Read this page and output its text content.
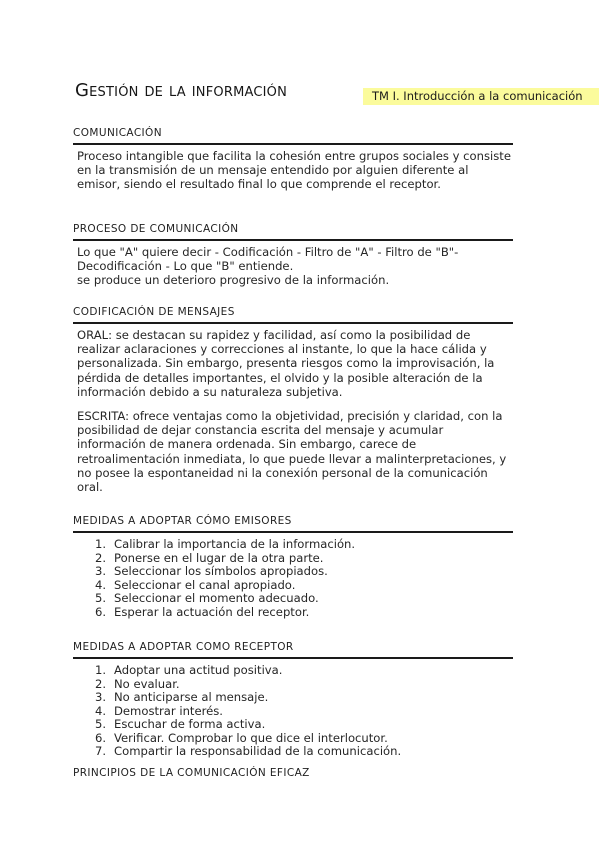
Gestión de la información	TM I. Introducción a la comunicación
COMUNICACIÓN

Proceso intangible que facilita la cohesión entre grupos sociales y consiste en la transmisión de un mensaje entendido por alguien diferente al emisor, siendo el resultado final lo que comprende el receptor.

PROCESO DE COMUNICACIÓN

Lo que "A" quiere decir - Codificación - Filtro de "A" - Filtro de "B"-

Decodificación - Lo que "B" entiende.

se produce un deterioro progresivo de la información.

CODIFICACIÓN DE MENSAJES

ORAL: se destacan su rapidez y facilidad, así como la posibilidad de realizar aclaraciones y correcciones al instante, lo que la hace cálida y personalizada. Sin embargo, presenta riesgos como la improvisación, la pérdida de detalles importantes, el olvido y la posible alteración de la información debido a su naturaleza subjetiva.

ESCRITA: ofrece ventajas como la objetividad, precisión y claridad, con la posibilidad de dejar constancia escrita del mensaje y acumular información de manera ordenada. Sin embargo, carece de retroalimentación inmediata, lo que puede llevar a malinterpretaciones, y no posee la espontaneidad ni la conexión personal de la comunicación oral.

MEDIDAS A ADOPTAR CÓMO EMISORES
1. Calibrar la importancia de la información.
2. Ponerse en el lugar de la otra parte.
3. Seleccionar los símbolos apropiados.
4. Seleccionar el canal apropiado.
5. Seleccionar el momento adecuado.
6. Esperar la actuación del receptor.
MEDIDAS A ADOPTAR COMO RECEPTOR
1. Adoptar una actitud positiva.
2. No evaluar.
3. No anticiparse al mensaje.
4. Demostrar interés.
5. Escuchar de forma activa.
6. Verificar. Comprobar lo que dice el interlocutor.
7. Compartir la responsabilidad de la comunicación.
PRINCIPIOS DE LA COMUNICACIÓN EFICAZ
